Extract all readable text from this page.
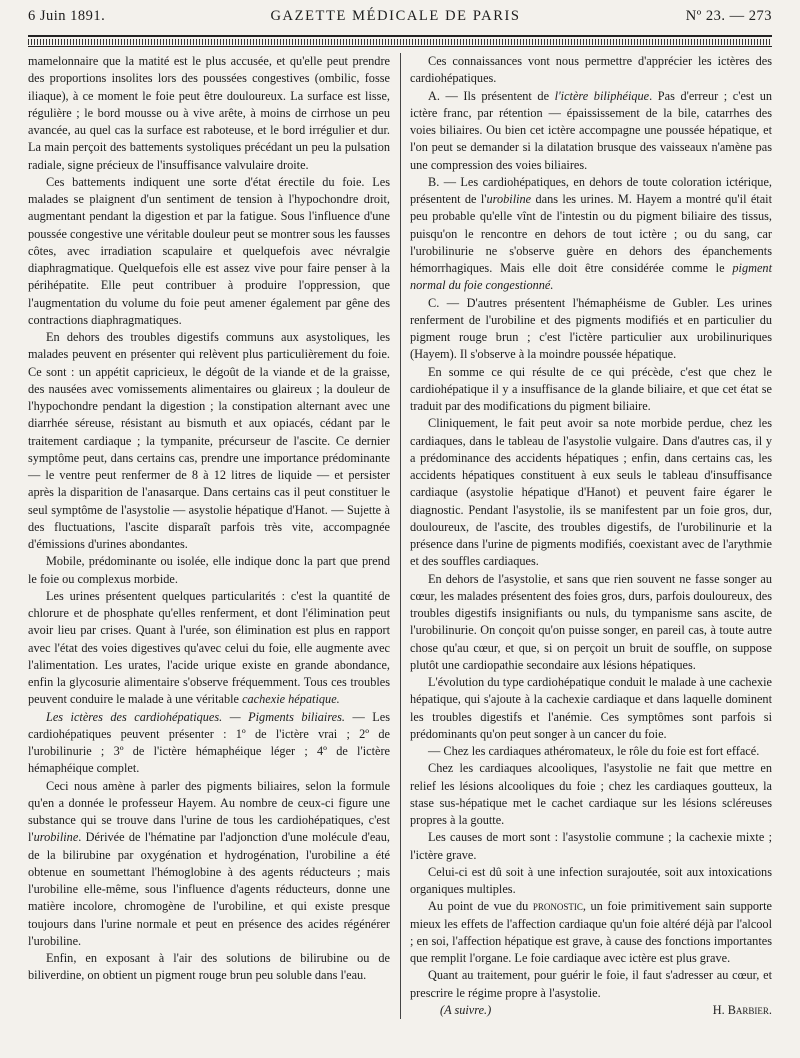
6 Juin 1891.	GAZETTE MÉDICALE DE PARIS	Nº 23. — 273

mamelonnaire que la matité est le plus accusée, et qu'elle peut prendre des proportions insolites lors des poussées congestives (ombilic, fosse iliaque), à ce moment le foie peut être douloureux. La surface est lisse, régulière ; le bord mousse ou à vive arête, à moins de cirrhose un peu avancée, au quel cas la surface est raboteuse, et le bord irrégulier et dur. La main perçoit des battements systoliques précédant un peu la pulsation radiale, signe précieux de l'insuffisance valvulaire droite.

Ces battements indiquent une sorte d'état érectile du foie. Les malades se plaignent d'un sentiment de tension à l'hypochondre droit, augmentant pendant la digestion et par la fatigue. Sous l'influence d'une poussée congestive une véritable douleur peut se montrer sous les fausses côtes, avec irradiation scapulaire et quelquefois avec névralgie diaphragmatique. Quelquefois elle est assez vive pour faire penser à la périhépatite. Elle peut contribuer à produire l'oppression, que l'augmentation du volume du foie peut amener également par gêne des contractions diaphragmatiques.

En dehors des troubles digestifs communs aux asystoliques, les malades peuvent en présenter qui relèvent plus particulièrement du foie. Ce sont : un appétit capricieux, le dégoût de la viande et de la graisse, des nausées avec vomissements alimentaires ou glaireux ; la douleur de l'hypochondre pendant la digestion ; la constipation alternant avec une diarrhée séreuse, résistant au bismuth et aux opiacés, cédant par le traitement cardiaque ; la tympanite, précurseur de l'ascite. Ce dernier symptôme peut, dans certains cas, prendre une importance prédominante — le ventre peut renfermer de 8 à 12 litres de liquide — et persister après la disparition de l'anasarque. Dans certains cas il peut constituer le seul symptôme de l'asystolie — asystolie hépatique d'Hanot. — Sujette à des fluctuations, l'ascite disparaît parfois très vite, accompagnée d'émissions d'urines abondantes.

Mobile, prédominante ou isolée, elle indique donc la part que prend le foie ou complexus morbide.

Les urines présentent quelques particularités : c'est la quantité de chlorure et de phosphate qu'elles renferment, et dont l'élimination peut avoir lieu par crises. Quant à l'urée, son élimination est plus en rapport avec l'état des voies digestives qu'avec celui du foie, elle augmente avec l'alimentation. Les urates, l'acide urique existe en grande abondance, enfin la glycosurie alimentaire s'observe fréquemment. Tous ces troubles peuvent conduire le malade à une véritable cachexie hépatique.

Les ictères des cardiohépatiques. — Pigments biliaires. — Les cardiohépatiques peuvent présenter : 1º de l'ictère vrai ; 2º de l'urobilinurie ; 3º de l'ictère hémaphéique léger ; 4º de l'ictère hémaphéique complet.

Ceci nous amène à parler des pigments biliaires, selon la formule qu'en a donnée le professeur Hayem. Au nombre de ceux-ci figure une substance qui se trouve dans l'urine de tous les cardiohépatiques, c'est l'urobiline. Dérivée de l'hématine par l'adjonction d'une molécule d'eau, de la bilirubine par oxygénation et hydrogénation, l'urobiline a été obtenue en soumettant l'hémoglobine à des agents réducteurs ; mais l'urobiline elle-même, sous l'influence d'agents réducteurs, donne une matière incolore, chromogène de l'urobiline, et qui existe presque toujours dans l'urine normale et peut en présence des acides régénérer l'urobiline.

Enfin, en exposant à l'air des solutions de bilirubine ou de biliverdine, on obtient un pigment rouge brun peu soluble dans l'eau.

Ces connaissances vont nous permettre d'apprécier les ictères des cardiohépatiques.

A. — Ils présentent de l'ictère biliphéique. Pas d'erreur ; c'est un ictère franc, par rétention — épaississement de la bile, catarrhes des voies biliaires. Ou bien cet ictère accompagne une poussée hépatique, et l'on peut se demander si la dilatation brusque des vaisseaux n'amène pas une compression des voies biliaires.

B. — Les cardiohépatiques, en dehors de toute coloration ictérique, présentent de l'urobiline dans les urines. M. Hayem a montré qu'il était peu probable qu'elle vînt de l'intestin ou du pigment biliaire des tissus, puisqu'on le rencontre en dehors de tout ictère ; ou du sang, car l'urobilinurie ne s'observe guère en dehors des épanchements hémorrhagiques. Mais elle doit être considérée comme le pigment normal du foie congestionné.

C. — D'autres présentent l'hémaphéisme de Gubler. Les urines renferment de l'urobiline et des pigments modifiés et en particulier du pigment rouge brun ; c'est l'ictère particulier aux urobilinuriques (Hayem). Il s'observe à la moindre poussée hépatique.

En somme ce qui résulte de ce qui précède, c'est que chez le cardiohépatique il y a insuffisance de la glande biliaire, et que cet état se traduit par des modifications du pigment biliaire.

Cliniquement, le fait peut avoir sa note morbide perdue, chez les cardiaques, dans le tableau de l'asystolie vulgaire. Dans d'autres cas, il y a prédominance des accidents hépatiques ; enfin, dans certains cas, les accidents hépatiques constituent à eux seuls le tableau d'insuffisance cardiaque (asystolie hépatique d'Hanot) et peuvent faire égarer le diagnostic. Pendant l'asystolie, ils se manifestent par un foie gros, dur, douloureux, de l'ascite, des troubles digestifs, de l'urobilinurie et la présence dans l'urine de pigments modifiés, coexistant avec de l'arythmie et des souffles cardiaques.

En dehors de l'asystolie, et sans que rien souvent ne fasse songer au cœur, les malades présentent des foies gros, durs, parfois douloureux, des troubles digestifs insignifiants ou nuls, du tympanisme sans ascite, de l'urobilinurie. On conçoit qu'on puisse songer, en pareil cas, à toute autre chose qu'au cœur, et que, si on perçoit un bruit de souffle, on suppose plutôt une cardiopathie secondaire aux lésions hépatiques.

L'évolution du type cardiohépatique conduit le malade à une cachexie hépatique, qui s'ajoute à la cachexie cardiaque et dans laquelle dominent les troubles digestifs et l'anémie. Ces symptômes sont parfois si prédominants qu'on peut songer à un cancer du foie.

— Chez les cardiaques athéromateux, le rôle du foie est fort effacé.

Chez les cardiaques alcooliques, l'asystolie ne fait que mettre en relief les lésions alcooliques du foie ; chez les cardiaques goutteux, la stase sus-hépatique met le cachet cardiaque sur les lésions scléreuses propres à la goutte.

Les causes de mort sont : l'asystolie commune ; la cachexie mixte ; l'ictère grave.

Celui-ci est dû soit à une infection surajoutée, soit aux intoxications organiques multiples.

Au point de vue du pronostic, un foie primitivement sain supporte mieux les effets de l'affection cardiaque qu'un foie altéré déjà par l'alcool ; en soi, l'affection hépatique est grave, à cause des fonctions importantes que remplit l'organe. Le foie cardiaque avec ictère est plus grave.

Quant au traitement, pour guérir le foie, il faut s'adresser au cœur, et prescrire le régime propre à l'asystolie.

(A suivre.)	H. Barbier.
